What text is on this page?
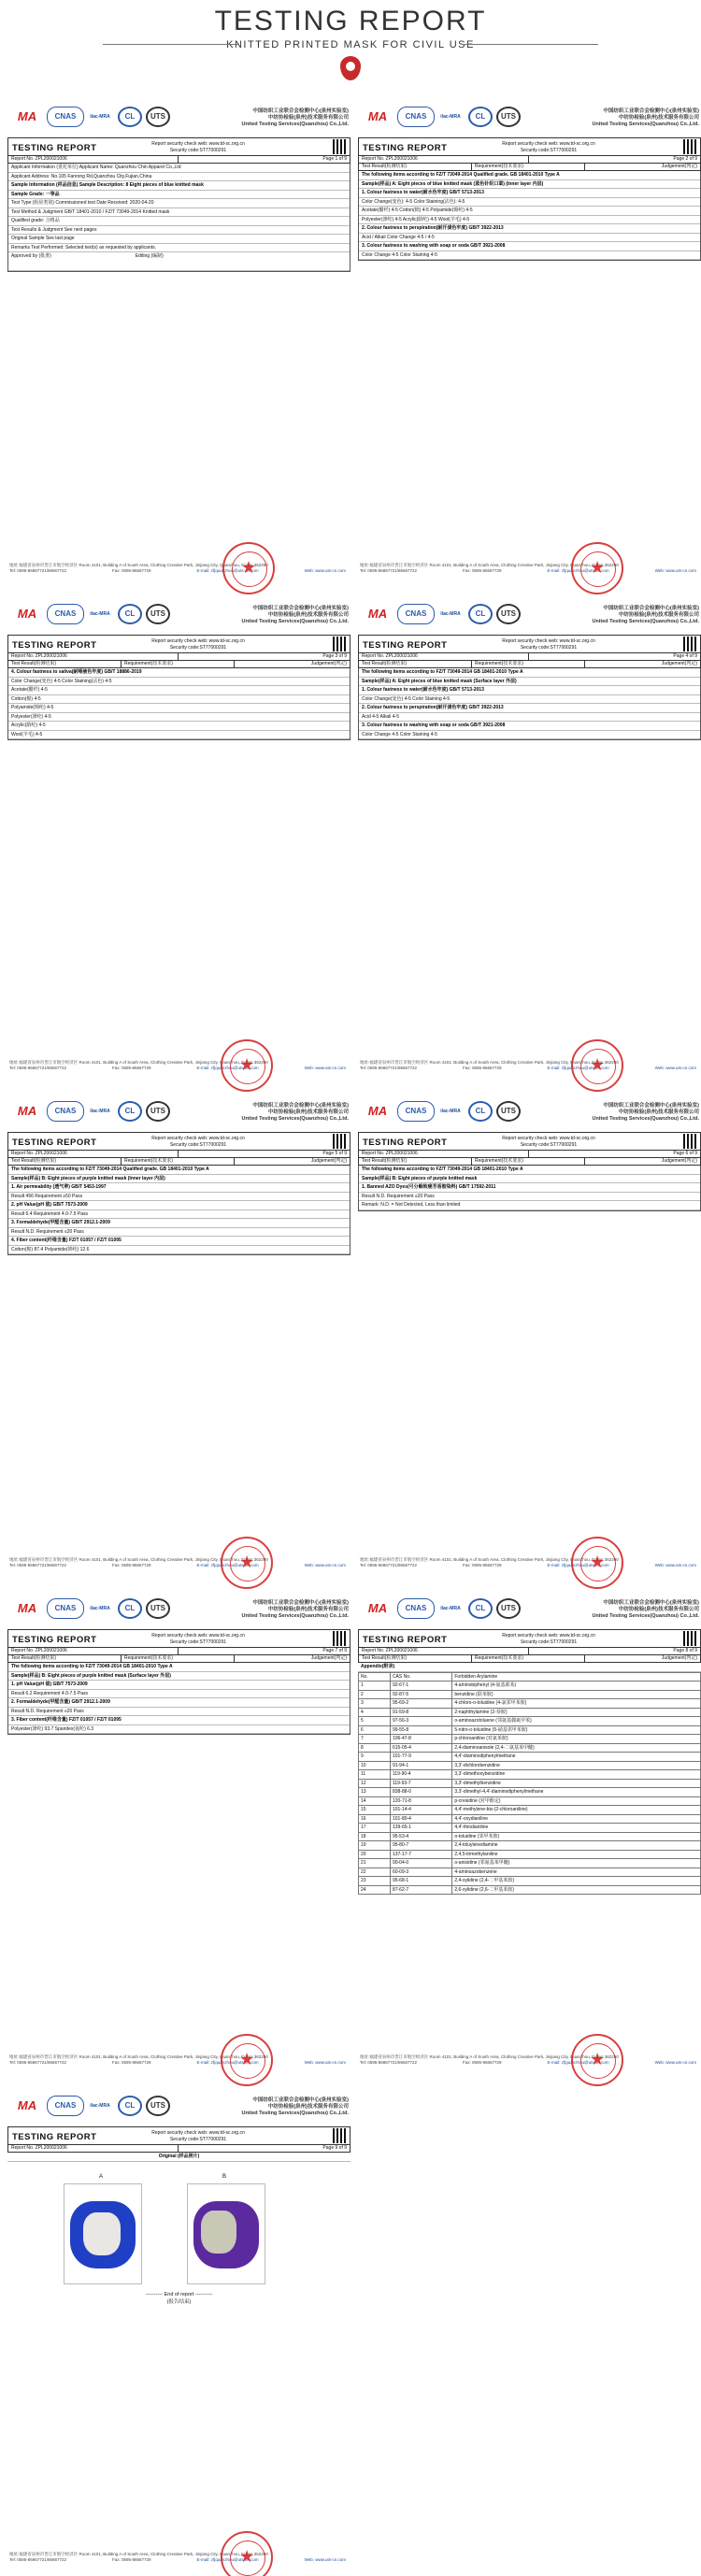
TESTING REPORT
KNITTED PRINTED MASK FOR CIVIL USE
MA	CNAS	ilac-MRA	CL	UTS
中国纺织工业联合会检测中心(泉州实验室)
中纺协检验(泉州)技术服务有限公司
United Testing Services(Quanzhou) Co.,Ltd.
TESTING REPORT	Report security check web: www.td-sc.org.cn
Security code:ST77000291
Report No. ZPL200021006	Page 1 of 9
Applicant Information (委托单位) Applicant Name: Quanzhou Chin Apparel Co.,Ltd
Applicant Address: No.105 Fanrong Rd,Quanzhou City,Fujian,China
Sample Information (样品信息) Sample Description: 8 Eight pieces of blue knitted mask
Sample Grade: 一等品
Test Type (检验类别) Commissioned test Date Received: 2020-04-20
Test Method & Judgment GB/T 18401-2010 / FZ/T 73049-2014 Knitted mask
Qualified grade: 合格品
Test Results & Judgment See next pages
Original Sample See last page
Remarks Test Performed: Selected test(s) as requested by applicants.
Approved by (批准)	Editing (编制)
地址:福建省泉州市晋江市航空经济区 Room 4101, Building A of South Area, Clothing Creative Park, Jinjiang City, Quanzhou, Fujian 362290
Tel: 0595-86867721/86667722	Fax: 0595-86667729	E-mail: zfjquanzhou@uts-cn.com	Web: www.uts-cn.com
★
MA	CNAS	ilac-MRA	CL	UTS
中国纺织工业联合会检测中心(泉州实验室)
中纺协检验(泉州)技术服务有限公司
United Testing Services(Quanzhou) Co.,Ltd.
TESTING REPORT	Report security check web: www.td-sc.org.cn
Security code:ST77000291
Report No. ZPL200021006	Page 2 of 9
Test Result(检测结果)	Requirement(技术要求)	Judgement(判定)
The following items according to FZ/T 73049-2014 Qualified grade. GB 18401-2010 Type A
Sample(样品) A: Eight pieces of blue knitted mask (蓝色针织口罩) (Inner layer 内层)
1. Colour fastness to water(耐水色牢度) GB/T 5713-2013
Color Change(变色): 4-5 Color Staining(沾色): 4-5
Acetate(醋纤) 4-5 Cotton(棉) 4-5 Polyamide(锦纶) 4-5
Polyester(涤纶) 4-5 Acrylic(腈纶) 4-5 Wool(羊毛) 4-5
2. Colour fastness to perspiration(耐汗渍色牢度) GB/T 3922-2013
Acid / Alkali Color Change 4-5 / 4-5
3. Colour fastness to washing with soap or soda GB/T 3921-2008
Color Change 4-5 Color Staining 4-5
地址:福建省泉州市晋江市航空经济区 Room 4101, Building A of South Area, Clothing Creative Park, Jinjiang City, Quanzhou, Fujian 362290
Tel: 0595-86867721/86667722	Fax: 0595-86667729	E-mail: zfjquanzhou@uts-cn.com	Web: www.uts-cn.com
★
MA	CNAS	ilac-MRA	CL	UTS
中国纺织工业联合会检测中心(泉州实验室)
中纺协检验(泉州)技术服务有限公司
United Testing Services(Quanzhou) Co.,Ltd.
TESTING REPORT	Report security check web: www.td-sc.org.cn
Security code:ST77000291
Report No. ZPL200021006	Page 3 of 9
Test Result(检测结果)	Requirement(技术要求)	Judgement(判定)
4. Colour fastness to saliva(耐唾液色牢度) GB/T 18886-2019
Color Change(变色) 4-5 Color Staining(沾色) 4-5
Acetate(醋纤) 4-5
Cotton(棉) 4-5
Polyamide(锦纶) 4-5
Polyester(涤纶) 4-5
Acrylic(腈纶) 4-5
Wool(羊毛) 4-5
地址:福建省泉州市晋江市航空经济区 Room 4101, Building A of South Area, Clothing Creative Park, Jinjiang City, Quanzhou, Fujian 362290
Tel: 0595-86867721/86667722	Fax: 0595-86667729	E-mail: zfjquanzhou@uts-cn.com	Web: www.uts-cn.com
★
MA	CNAS	ilac-MRA	CL	UTS
中国纺织工业联合会检测中心(泉州实验室)
中纺协检验(泉州)技术服务有限公司
United Testing Services(Quanzhou) Co.,Ltd.
TESTING REPORT	Report security check web: www.td-sc.org.cn
Security code:ST77000291
Report No. ZPL200021006	Page 4 of 9
Test Result(检测结果)	Requirement(技术要求)	Judgement(判定)
The following items according to FZ/T 73049-2014 GB 18401-2010 Type A
Sample(样品) A: Eight pieces of blue knitted mask (Surface layer 外层)
1. Colour fastness to water(耐水色牢度) GB/T 5713-2013
Color Change(变色) 4-5 Color Staining 4-5
2. Colour fastness to perspiration(耐汗渍色牢度) GB/T 3922-2013
Acid 4-5 Alkali 4-5
3. Colour fastness to washing with soap or soda GB/T 3921-2008
Color Change 4-5 Color Staining 4-5
地址:福建省泉州市晋江市航空经济区 Room 4101, Building A of South Area, Clothing Creative Park, Jinjiang City, Quanzhou, Fujian 362290
Tel: 0595-86867721/86667722	Fax: 0595-86667729	E-mail: zfjquanzhou@uts-cn.com	Web: www.uts-cn.com
★
MA	CNAS	ilac-MRA	CL	UTS
中国纺织工业联合会检测中心(泉州实验室)
中纺协检验(泉州)技术服务有限公司
United Testing Services(Quanzhou) Co.,Ltd.
TESTING REPORT	Report security check web: www.td-sc.org.cn
Security code:ST77000291
Report No. ZPL200021006	Page 5 of 9
Test Result(检测结果)	Requirement(技术要求)	Judgement(判定)
The following items according to FZ/T 73049-2014 Qualified grade. GB 18401-2010 Type A
Sample(样品) B: Eight pieces of purple knitted mask (Inner layer 内层)
1. Air permeability (透气率) GB/T 5453-1997
Result 456 Requirement ≥50 Pass
2. pH Value(pH 值) GB/T 7573-2009
Result 6.4 Requirement 4.0-7.5 Pass
3. Formaldehyde(甲醛含量) GB/T 2912.1-2009
Result N.D. Requirement ≤20 Pass
4. Fiber content(纤维含量) FZ/T 01057 / FZ/T 01095
Cotton(棉) 87.4 Polyamide(锦纶) 12.6
地址:福建省泉州市晋江市航空经济区 Room 4101, Building A of South Area, Clothing Creative Park, Jinjiang City, Quanzhou, Fujian 362290
Tel: 0595-86867721/86667722	Fax: 0595-86667729	E-mail: zfjquanzhou@uts-cn.com	Web: www.uts-cn.com
★
MA	CNAS	ilac-MRA	CL	UTS
中国纺织工业联合会检测中心(泉州实验室)
中纺协检验(泉州)技术服务有限公司
United Testing Services(Quanzhou) Co.,Ltd.
TESTING REPORT	Report security check web: www.td-sc.org.cn
Security code:ST77000291
Report No. ZPL200021006	Page 6 of 9
Test Result(检测结果)	Requirement(技术要求)	Judgement(判定)
The following items according to FZ/T 73049-2014 GB 18401-2010 Type A
Sample(样品) B: Eight pieces of purple knitted mask
1. Banned AZO Dyes(可分解致癌芳香胺染料) GB/T 17592-2011
Result N.D. Requirement ≤20 Pass
Remark: N.D. = Not Detected, Less than limited
地址:福建省泉州市晋江市航空经济区 Room 4101, Building A of South Area, Clothing Creative Park, Jinjiang City, Quanzhou, Fujian 362290
Tel: 0595-86867721/86667722	Fax: 0595-86667729	E-mail: zfjquanzhou@uts-cn.com	Web: www.uts-cn.com
★
MA	CNAS	ilac-MRA	CL	UTS
中国纺织工业联合会检测中心(泉州实验室)
中纺协检验(泉州)技术服务有限公司
United Testing Services(Quanzhou) Co.,Ltd.
TESTING REPORT	Report security check web: www.td-sc.org.cn
Security code:ST77000291
Report No. ZPL200021006	Page 7 of 9
Test Result(检测结果)	Requirement(技术要求)	Judgement(判定)
The following items according to FZ/T 73049-2014 GB 18401-2010 Type A
Sample(样品) B: Eight pieces of purple knitted mask (Surface layer 外层)
1. pH Value(pH 值) GB/T 7573-2009
Result 6.2 Requirement 4.0-7.5 Pass
2. Formaldehyde(甲醛含量) GB/T 2912.1-2009
Result N.D. Requirement ≤20 Pass
3. Fiber content(纤维含量) FZ/T 01057 / FZ/T 01095
Polyester(涤纶) 93.7 Spandex(氨纶) 6.3
地址:福建省泉州市晋江市航空经济区 Room 4101, Building A of South Area, Clothing Creative Park, Jinjiang City, Quanzhou, Fujian 362290
Tel: 0595-86867721/86667722	Fax: 0595-86667729	E-mail: zfjquanzhou@uts-cn.com	Web: www.uts-cn.com
★
MA	CNAS	ilac-MRA	CL	UTS
中国纺织工业联合会检测中心(泉州实验室)
中纺协检验(泉州)技术服务有限公司
United Testing Services(Quanzhou) Co.,Ltd.
TESTING REPORT	Report security check web: www.td-sc.org.cn
Security code:ST77000291
Report No. ZPL200021006	Page 8 of 9
Test Result(检测结果)	Requirement(技术要求)	Judgement(判定)
Appendix(附录)
No.	CAS No.	Forbidden Arylamine
1	92-67-1	4-aminobiphenyl (4-氨基联苯)
2	92-87-5	benzidine (联苯胺)
3	95-69-2	4-chloro-o-toluidine (4-氯邻甲苯胺)
4	91-59-8	2-naphthylamine (2-萘胺)
5	97-56-3	o-aminoazotoluene (邻氨基偶氮甲苯)
6	99-55-8	5-nitro-o-toluidine (5-硝基邻甲苯胺)
7	106-47-8	p-chloroaniline (对氯苯胺)
8	615-05-4	2,4-diaminoanisole (2,4-二氨基苯甲醚)
9	101-77-9	4,4'-diaminodiphenylmethane
10	91-94-1	3,3'-dichlorobenzidine
11	119-90-4	3,3'-dimethoxybenzidine
12	119-93-7	3,3'-dimethylbenzidine
13	838-88-0	3,3'-dimethyl-4,4'-diaminodiphenylmethane
14	120-71-8	p-cresidine (对甲酚定)
15	101-14-4	4,4'-methylene-bis-(2-chloroaniline)
16	101-80-4	4,4'-oxydianiline
17	139-65-1	4,4'-thiodianiline
18	95-53-4	o-toluidine (邻甲苯胺)
19	95-80-7	2,4-toluylenediamine
20	137-17-7	2,4,5-trimethylaniline
21	90-04-0	o-anisidine (邻氨基苯甲醚)
22	60-09-3	4-aminoazobenzene
23	95-68-1	2,4-xylidine (2,4-二甲基苯胺)
24	87-62-7	2,6-xylidine (2,6-二甲基苯胺)
地址:福建省泉州市晋江市航空经济区 Room 4101, Building A of South Area, Clothing Creative Park, Jinjiang City, Quanzhou, Fujian 362290
Tel: 0595-86867721/86667722	Fax: 0595-86667729	E-mail: zfjquanzhou@uts-cn.com	Web: www.uts-cn.com
★
MA	CNAS	ilac-MRA	CL	UTS
中国纺织工业联合会检测中心(泉州实验室)
中纺协检验(泉州)技术服务有限公司
United Testing Services(Quanzhou) Co.,Ltd.
TESTING REPORT	Report security check web: www.td-sc.org.cn
Security code:ST77000291
Report No. ZPL200021006	Page 9 of 9
Original (样品照片)
A	B
---------- End of report ----------
(报告结束)
地址:福建省泉州市晋江市航空经济区 Room 4101, Building A of South Area, Clothing Creative Park, Jinjiang City, Quanzhou, Fujian 362290
Tel: 0595-86867721/86667722	Fax: 0595-86667729	E-mail: zfjquanzhou@uts-cn.com	Web: www.uts-cn.com
★
